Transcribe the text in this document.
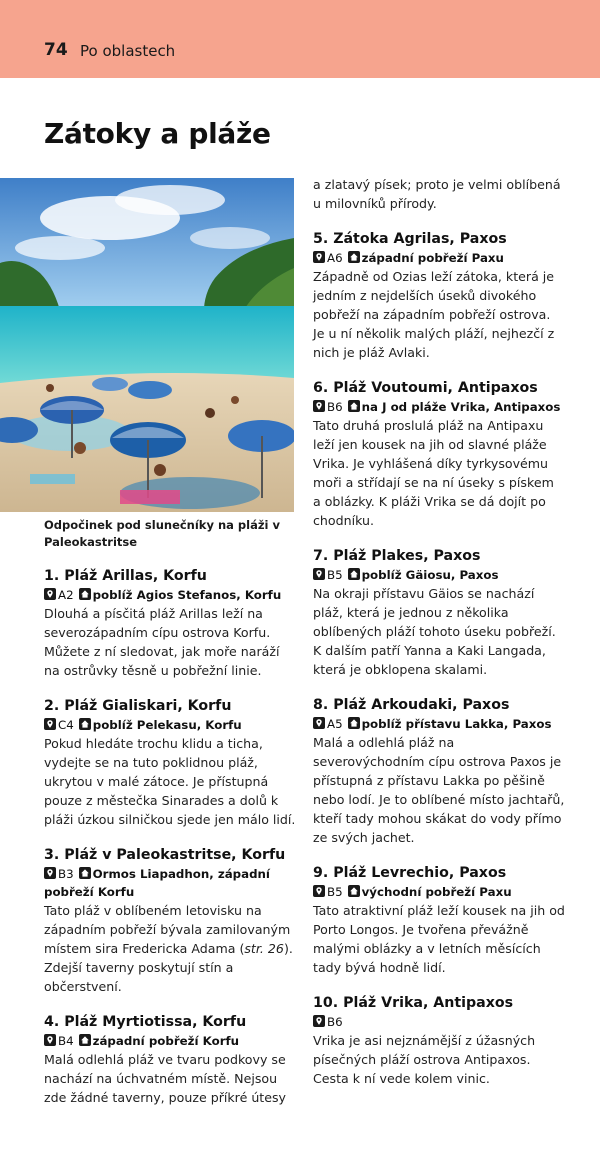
74 Po oblastech
Zátoky a pláže
Odpočinek pod slunečníky na pláži v Paleokastritse
1. Pláž Arillas, Korfu
A2 poblíž Agios Stefanos, Korfu

Dlouhá a písčitá pláž Arillas leží na severozápadním cípu ostrova Korfu. Můžete z ní sledovat, jak moře naráží na ostrůvky těsně u pobřežní linie.

2. Pláž Gialiskari, Korfu
C4 poblíž Pelekasu, Korfu

Pokud hledáte trochu klidu a ticha, vydejte se na tuto poklidnou pláž, ukrytou v malé zátoce. Je přístupná pouze z městečka Sinarades a dolů k pláži úzkou silničkou sjede jen málo lidí.

3. Pláž v Paleokastritse, Korfu
B3 Ormos Liapadhon, západní pobřeží Korfu

Tato pláž v oblíbeném letovisku na západním pobřeží bývala zamilovaným místem sira Fredericka Adama (str. 26). Zdejší taverny poskytují stín a občerstvení.

4. Pláž Myrtiotissa, Korfu
B4 západní pobřeží Korfu

Malá odlehlá pláž ve tvaru podkovy se nachází na úchvatném místě. Nejsou zde žádné taverny, pouze příkré útesy

a zlatavý písek; proto je velmi oblíbená u milovníků přírody.

5. Zátoka Agrilas, Paxos
A6 západní pobřeží Paxu

Západně od Ozias leží zátoka, která je jedním z nejdelších úseků divokého pobřeží na západním pobřeží ostrova. Je u ní několik malých pláží, nejhezčí z nich je pláž Avlaki.

6. Pláž Voutoumi, Antipaxos
B6 na J od pláže Vrika, Antipaxos

Tato druhá proslulá pláž na Antipaxu leží jen kousek na jih od slavné pláže Vrika. Je vyhlášená díky tyrkysovému moři a střídají se na ní úseky s pískem a oblázky. K pláži Vrika se dá dojít po chodníku.

7. Pláž Plakes, Paxos
B5 poblíž Gäiosu, Paxos

Na okraji přístavu Gäios se nachází pláž, která je jednou z několika oblíbených pláží tohoto úseku pobřeží. K dalším patří Yanna a Kaki Langada, která je obklopena skalami.

8. Pláž Arkoudaki, Paxos
A5 poblíž přístavu Lakka, Paxos

Malá a odlehlá pláž na severovýchodním cípu ostrova Paxos je přístupná z přístavu Lakka po pěšině nebo lodí. Je to oblíbené místo jachtařů, kteří tady mohou skákat do vody přímo ze svých jachet.

9. Pláž Levrechio, Paxos
B5 východní pobřeží Paxu

Tato atraktivní pláž leží kousek na jih od Porto Longos. Je tvořena převážně malými oblázky a v letních měsících tady bývá hodně lidí.

10. Pláž Vrika, Antipaxos
B6

Vrika je asi nejznámější z úžasných písečných pláží ostrova Antipaxos. Cesta k ní vede kolem vinic.
